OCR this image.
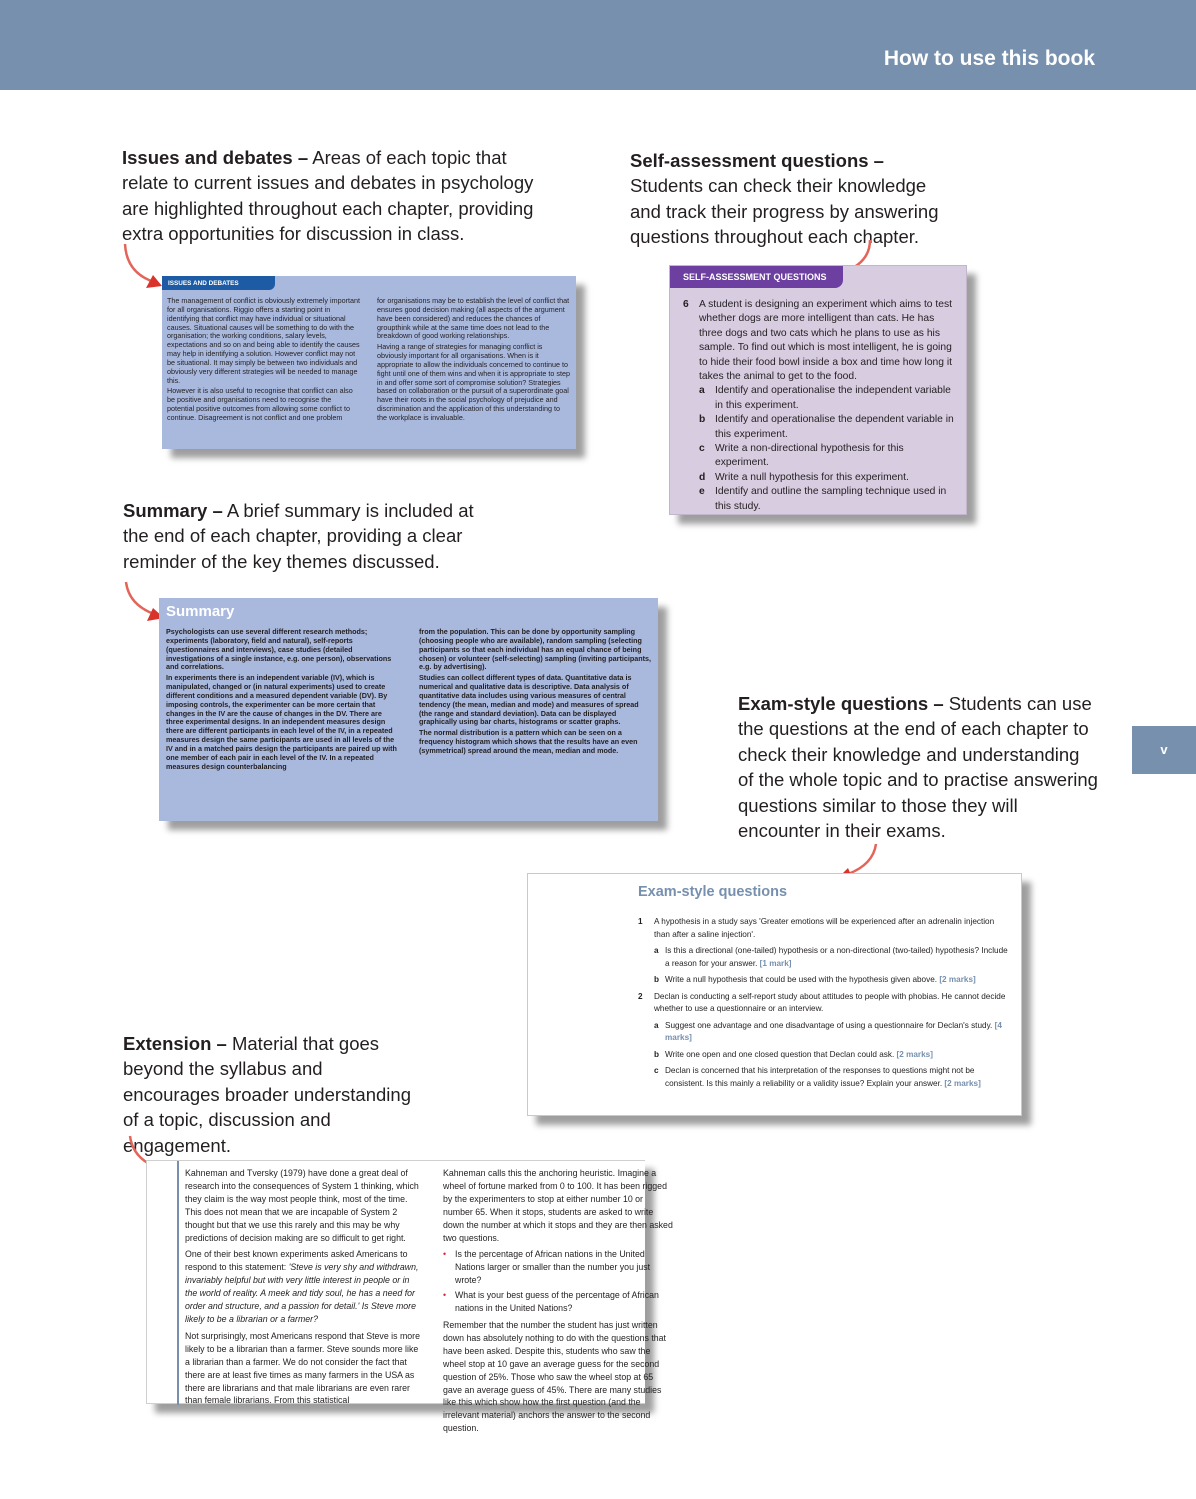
How to use this book
v
Issues and debates – Areas of each topic that relate to current issues and debates in psychology are highlighted throughout each chapter, providing extra opportunities for discussion in class.
ISSUES AND DEBATES

The management of conflict is obviously extremely important for all organisations. Riggio offers a starting point in identifying that conflict may have individual or situational causes. Situational causes will be something to do with the organisation; the working conditions, salary levels, expectations and so on and being able to identify the causes may help in identifying a solution. However conflict may not be situational. It may simply be between two individuals and obviously very different strategies will be needed to manage this.

However it is also useful to recognise that conflict can also be positive and organisations need to recognise the potential positive outcomes from allowing some conflict to continue. Disagreement is not conflict and one problem

for organisations may be to establish the level of conflict that ensures good decision making (all aspects of the argument have been considered) and reduces the chances of groupthink while at the same time does not lead to the breakdown of good working relationships.

Having a range of strategies for managing conflict is obviously important for all organisations. When is it appropriate to allow the individuals concerned to continue to fight until one of them wins and when it is appropriate to step in and offer some sort of compromise solution? Strategies based on collaboration or the pursuit of a superordinate goal have their roots in the social psychology of prejudice and discrimination and the application of this understanding to the workplace is invaluable.

Self-assessment questions – Students can check their knowledge and track their progress by answering questions throughout each chapter.
SELF-ASSESSMENT QUESTIONS
6 A student is designing an experiment which aims to test whether dogs are more intelligent than cats. He has three dogs and two cats which he plans to use as his sample. To find out which is most intelligent, he is going to hide their food bowl inside a box and time how long it takes the animal to get to the food.
a Identify and operationalise the independent variable in this experiment.
b Identify and operationalise the dependent variable in this experiment.
c Write a non-directional hypothesis for this experiment.
d Write a null hypothesis for this experiment.
e Identify and outline the sampling technique used in this study.
Summary – A brief summary is included at the end of each chapter, providing a clear reminder of the key themes discussed.
Summary

Psychologists can use several different research methods; experiments (laboratory, field and natural), self-reports (questionnaires and interviews), case studies (detailed investigations of a single instance, e.g. one person), observations and correlations.

In experiments there is an independent variable (IV), which is manipulated, changed or (in natural experiments) used to create different conditions and a measured dependent variable (DV). By imposing controls, the experimenter can be more certain that changes in the IV are the cause of changes in the DV. There are three experimental designs. In an independent measures design there are different participants in each level of the IV, in a repeated measures design the same participants are used in all levels of the IV and in a matched pairs design the participants are paired up with one member of each pair in each level of the IV. In a repeated measures design counterbalancing

from the population. This can be done by opportunity sampling (choosing people who are available), random sampling (selecting participants so that each individual has an equal chance of being chosen) or volunteer (self-selecting) sampling (inviting participants, e.g. by advertising).

Studies can collect different types of data. Quantitative data is numerical and qualitative data is descriptive. Data analysis of quantitative data includes using various measures of central tendency (the mean, median and mode) and measures of spread (the range and standard deviation). Data can be displayed graphically using bar charts, histograms or scatter graphs.

The normal distribution is a pattern which can be seen on a frequency histogram which shows that the results have an even (symmetrical) spread around the mean, median and mode.

Exam-style questions – Students can use the questions at the end of each chapter to check their knowledge and understanding of the whole topic and to practise answering questions similar to those they will encounter in their exams.
Exam-style questions
1	A hypothesis in a study says 'Greater emotions will be experienced after an adrenalin injection than after a saline injection'.
a Is this a directional (one-tailed) hypothesis or a non-directional (two-tailed) hypothesis? Include a reason for your answer. [1 mark]
b Write a null hypothesis that could be used with the hypothesis given above. [2 marks]
2	Declan is conducting a self-report study about attitudes to people with phobias. He cannot decide whether to use a questionnaire or an interview.
a Suggest one advantage and one disadvantage of using a questionnaire for Declan's study. [4 marks]
b Write one open and one closed question that Declan could ask. [2 marks]
c Declan is concerned that his interpretation of the responses to questions might not be consistent. Is this mainly a reliability or a validity issue? Explain your answer. [2 marks]
Extension – Material that goes beyond the syllabus and encourages broader understanding of a topic, discussion and engagement.

Kahneman and Tversky (1979) have done a great deal of research into the consequences of System 1 thinking, which they claim is the way most people think, most of the time. This does not mean that we are incapable of System 2 thought but that we use this rarely and this may be why predictions of decision making are so difficult to get right.

One of their best known experiments asked Americans to respond to this statement: 'Steve is very shy and withdrawn, invariably helpful but with very little interest in people or in the world of reality. A meek and tidy soul, he has a need for order and structure, and a passion for detail.' Is Steve more likely to be a librarian or a farmer?

Not surprisingly, most Americans respond that Steve is more likely to be a librarian than a farmer. Steve sounds more like a librarian than a farmer. We do not consider the fact that there are at least five times as many farmers in the USA as there are librarians and that male librarians are even rarer than female librarians. From this statistical

Kahneman calls this the anchoring heuristic. Imagine a wheel of fortune marked from 0 to 100. It has been rigged by the experimenters to stop at either number 10 or number 65. When it stops, students are asked to write down the number at which it stops and they are then asked two questions.

•	Is the percentage of African nations in the United Nations larger or smaller than the number you just wrote?
•	What is your best guess of the percentage of African nations in the United Nations?

Remember that the number the student has just written down has absolutely nothing to do with the questions that have been asked. Despite this, students who saw the wheel stop at 10 gave an average guess for the second question of 25%. Those who saw the wheel stop at 65 gave an average guess of 45%. There are many studies like this which show how the first question (and the irrelevant material) anchors the answer to the second question.
